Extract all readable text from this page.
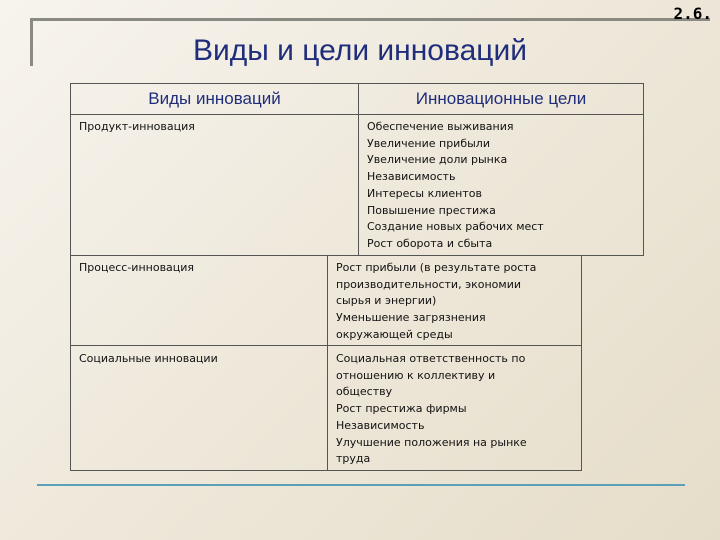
2.6.
Виды и цели инноваций
Виды инноваций	Инновационные цели
Продукт-инновация	Обеспечение выживания
Увеличение прибыли
Увеличение доли рынка
Независимость
Интересы клиентов
Повышение престижа
Создание новых рабочих мест
Рост оборота и сбыта
Процесс-инновация	Рост прибыли (в результате роста
производительности, экономии
сырья и энергии)
Уменьшение загрязнения
окружающей среды
Социальные инновации	Социальная ответственность по
отношению к коллективу и
обществу
Рост престижа фирмы
Независимость
Улучшение положения на рынке
труда
